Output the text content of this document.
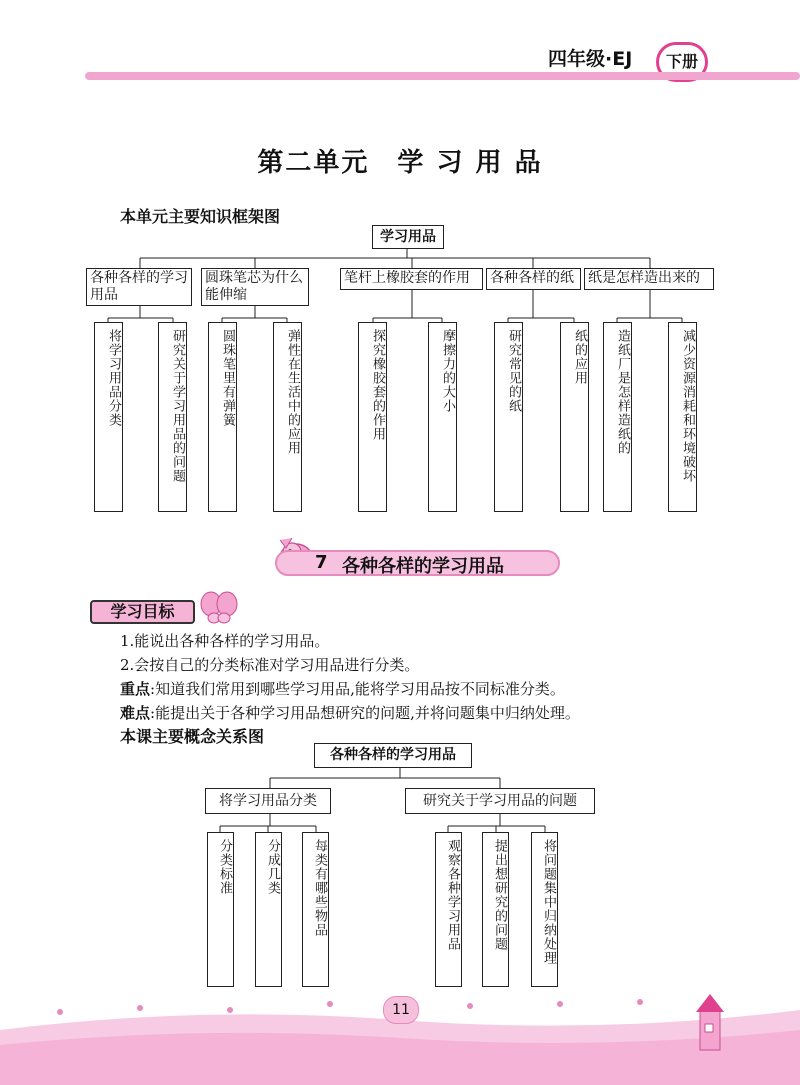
四年级·EJ	下册
第二单元　学 习 用 品
本单元主要知识框架图
学习用品
各种各样的学习用品
圆珠笔芯为什么能伸缩
笔杆上橡胶套的作用	各种各样的纸	纸是怎样造出来的
将学习用品分类	研究关于学习用品的问题	圆珠笔里有弹簧	弹性在生活中的应用	探究橡胶套的作用	摩擦力的大小	研究常见的纸	纸的应用	造纸厂是怎样造纸的	减少资源消耗和环境破坏
7 各种各样的学习用品
学习目标
1.能说出各种各样的学习用品。
2.会按自己的分类标准对学习用品进行分类。
重点:知道我们常用到哪些学习用品,能将学习用品按不同标准分类。
难点:能提出关于各种学习用品想研究的问题,并将问题集中归纳处理。
本课主要概念关系图
各种各样的学习用品
将学习用品分类	研究关于学习用品的问题
分类标准	分成几类	每类有哪些物品	观察各种学习用品	提出想研究的问题	将问题集中归纳处理
11
